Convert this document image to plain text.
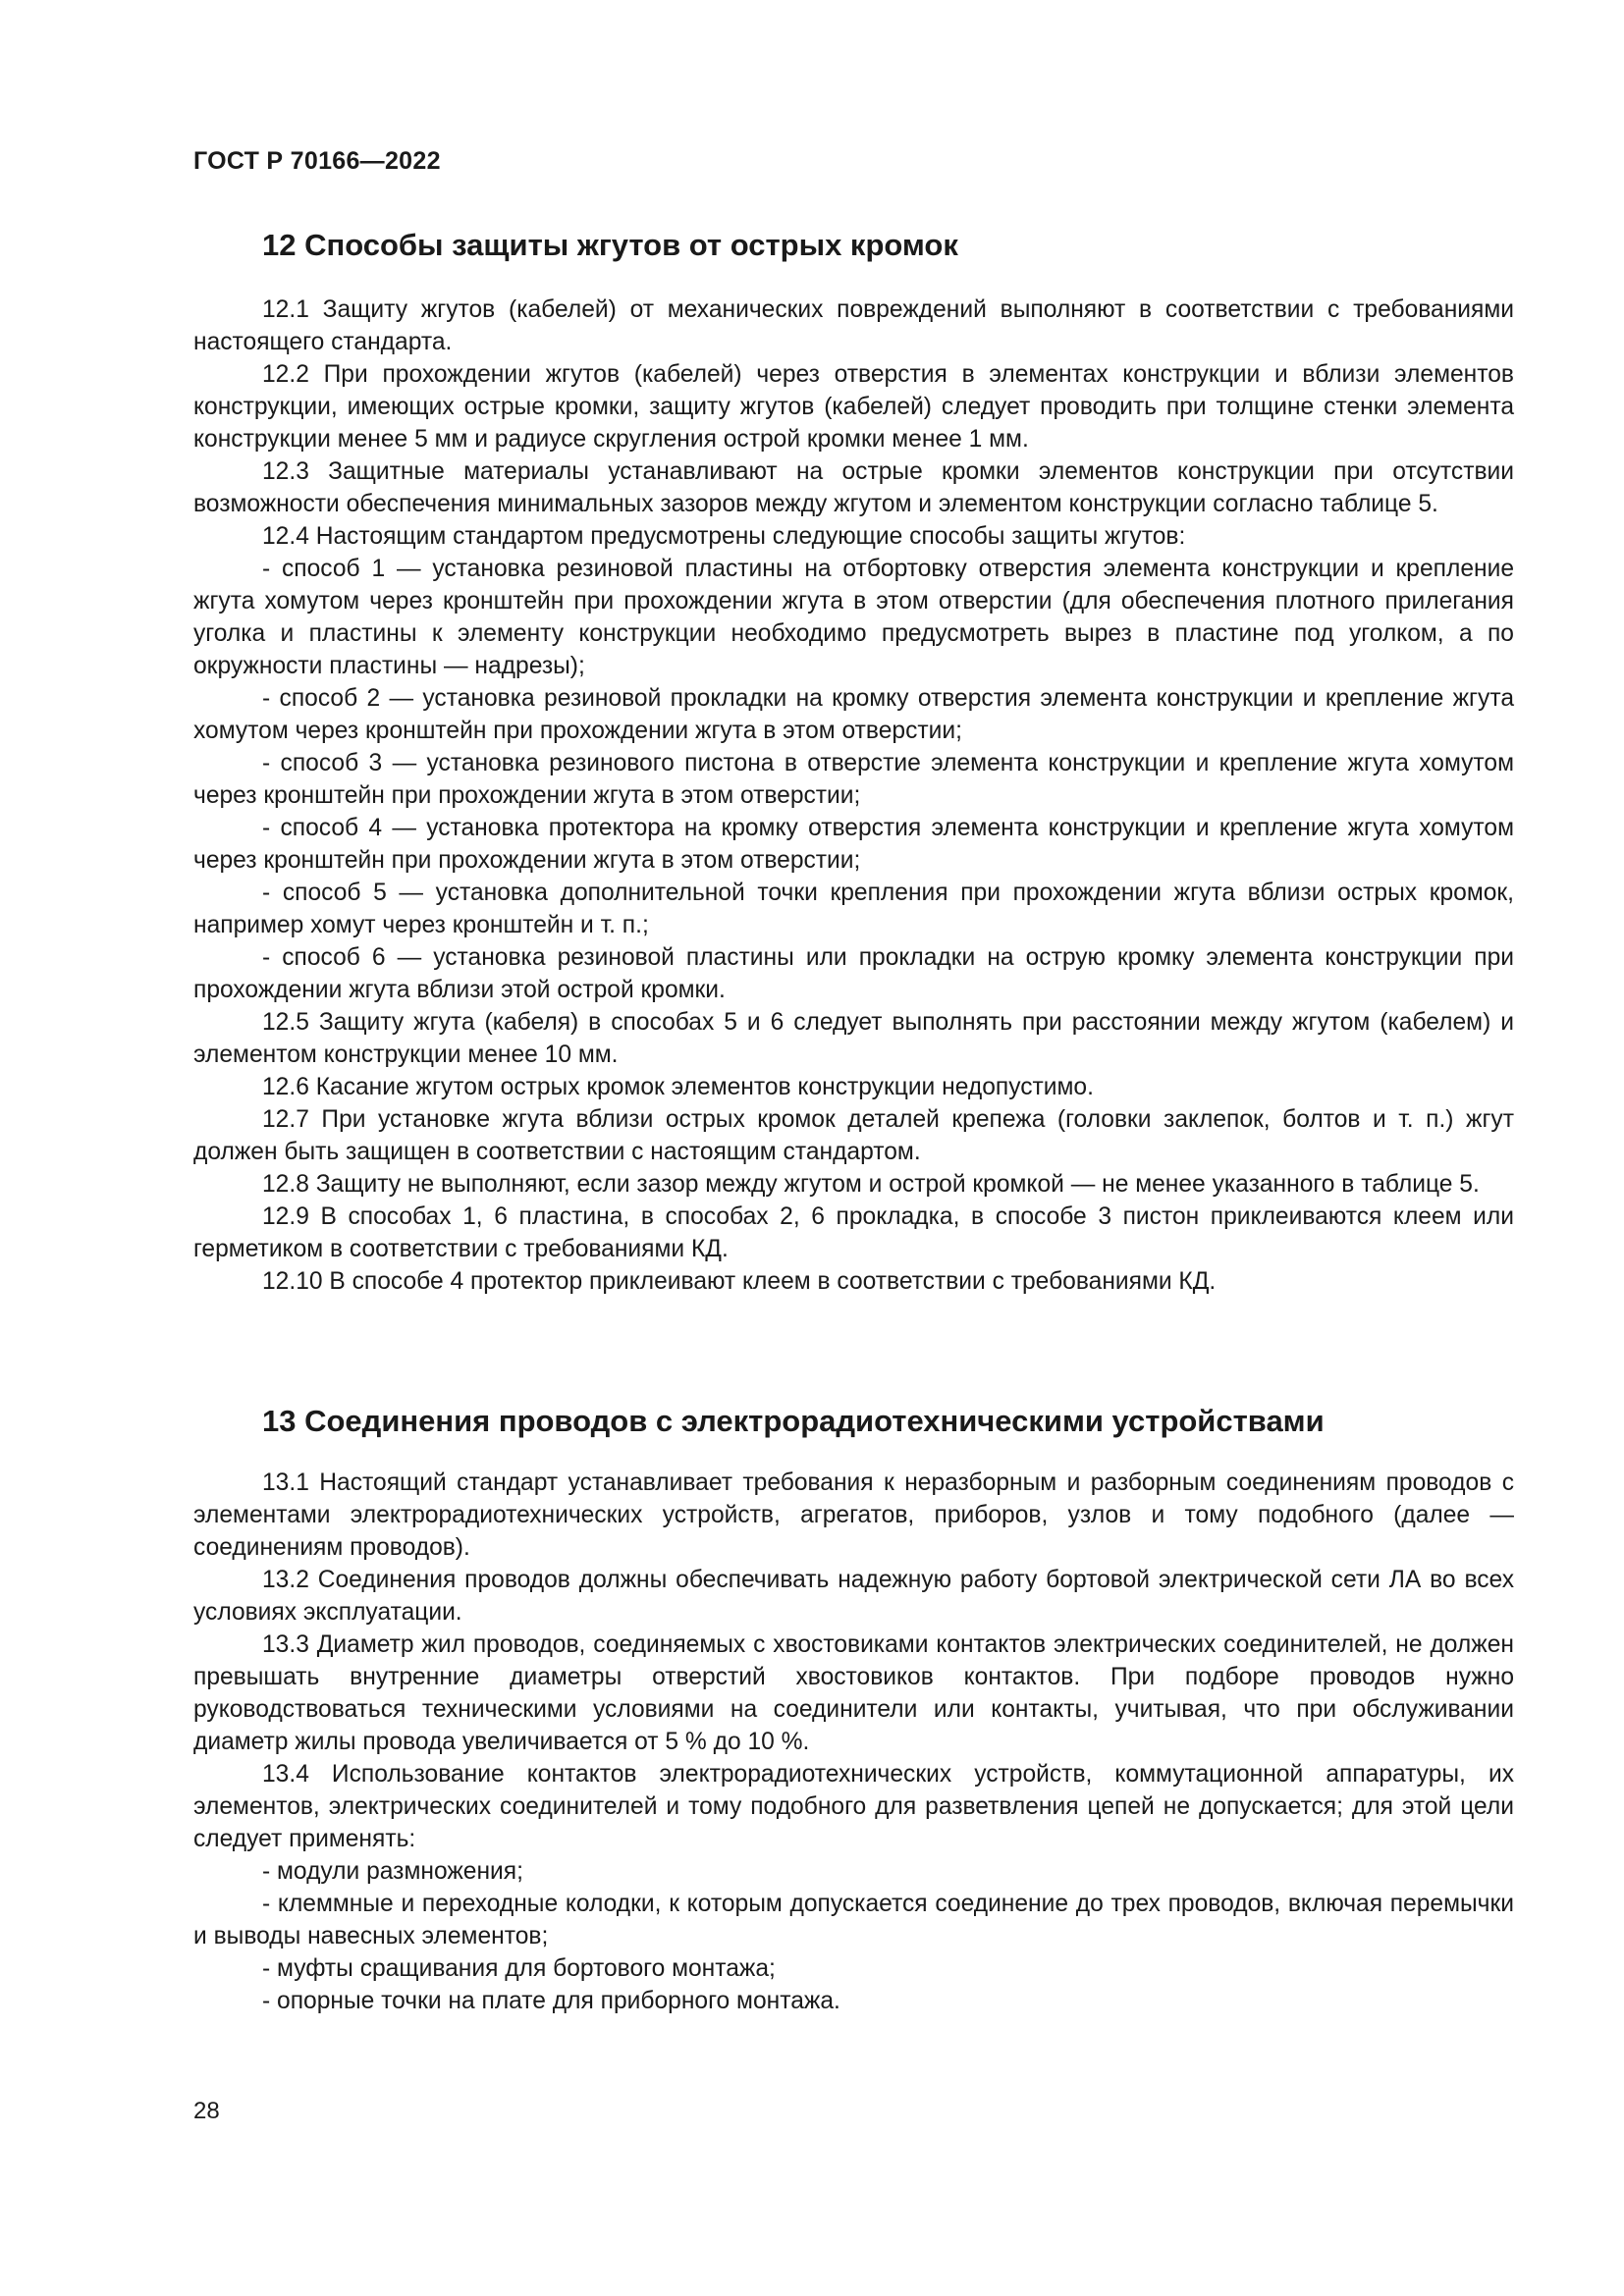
ГОСТ Р 70166—2022
12 Способы защиты жгутов от острых кромок

12.1 Защиту жгутов (кабелей) от механических повреждений выполняют в соответствии с требованиями настоящего стандарта.

12.2 При прохождении жгутов (кабелей) через отверстия в элементах конструкции и вблизи элементов конструкции, имеющих острые кромки, защиту жгутов (кабелей) следует проводить при толщине стенки элемента конструкции менее 5 мм и радиусе скругления острой кромки менее 1 мм.

12.3 Защитные материалы устанавливают на острые кромки элементов конструкции при отсутствии возможности обеспечения минимальных зазоров между жгутом и элементом конструкции согласно таблице 5.

12.4 Настоящим стандартом предусмотрены следующие способы защиты жгутов:

- способ 1 — установка резиновой пластины на отбортовку отверстия элемента конструкции и крепление жгута хомутом через кронштейн при прохождении жгута в этом отверстии (для обеспечения плотного прилегания уголка и пластины к элементу конструкции необходимо предусмотреть вырез в пластине под уголком, а по окружности пластины — надрезы);

- способ 2 — установка резиновой прокладки на кромку отверстия элемента конструкции и крепление жгута хомутом через кронштейн при прохождении жгута в этом отверстии;

- способ 3 — установка резинового пистона в отверстие элемента конструкции и крепление жгута хомутом через кронштейн при прохождении жгута в этом отверстии;

- способ 4 — установка протектора на кромку отверстия элемента конструкции и крепление жгута хомутом через кронштейн при прохождении жгута в этом отверстии;

- способ 5 — установка дополнительной точки крепления при прохождении жгута вблизи острых кромок, например хомут через кронштейн и т. п.;

- способ 6 — установка резиновой пластины или прокладки на острую кромку элемента конструкции при прохождении жгута вблизи этой острой кромки.

12.5 Защиту жгута (кабеля) в способах 5 и 6 следует выполнять при расстоянии между жгутом (кабелем) и элементом конструкции менее 10 мм.

12.6 Касание жгутом острых кромок элементов конструкции недопустимо.

12.7 При установке жгута вблизи острых кромок деталей крепежа (головки заклепок, болтов и т. п.) жгут должен быть защищен в соответствии с настоящим стандартом.

12.8 Защиту не выполняют, если зазор между жгутом и острой кромкой — не менее указанного в таблице 5.

12.9 В способах 1, 6 пластина, в способах 2, 6 прокладка, в способе 3 пистон приклеиваются клеем или герметиком в соответствии с требованиями КД.

12.10 В способе 4 протектор приклеивают клеем в соответствии с требованиями КД.

13 Соединения проводов с электрорадиотехническими устройствами

13.1 Настоящий стандарт устанавливает требования к неразборным и разборным соединениям проводов с элементами электрорадиотехнических устройств, агрегатов, приборов, узлов и тому подобного (далее — соединениям проводов).

13.2 Соединения проводов должны обеспечивать надежную работу бортовой электрической сети ЛА во всех условиях эксплуатации.

13.3 Диаметр жил проводов, соединяемых с хвостовиками контактов электрических соединителей, не должен превышать внутренние диаметры отверстий хвостовиков контактов. При подборе проводов нужно руководствоваться техническими условиями на соединители или контакты, учитывая, что при обслуживании диаметр жилы провода увеличивается от 5 % до 10 %.

13.4 Использование контактов электрорадиотехнических устройств, коммутационной аппаратуры, их элементов, электрических соединителей и тому подобного для разветвления цепей не допускается; для этой цели следует применять:

- модули размножения;

- клеммные и переходные колодки, к которым допускается соединение до трех проводов, включая перемычки и выводы навесных элементов;

- муфты сращивания для бортового монтажа;

- опорные точки на плате для приборного монтажа.

28
